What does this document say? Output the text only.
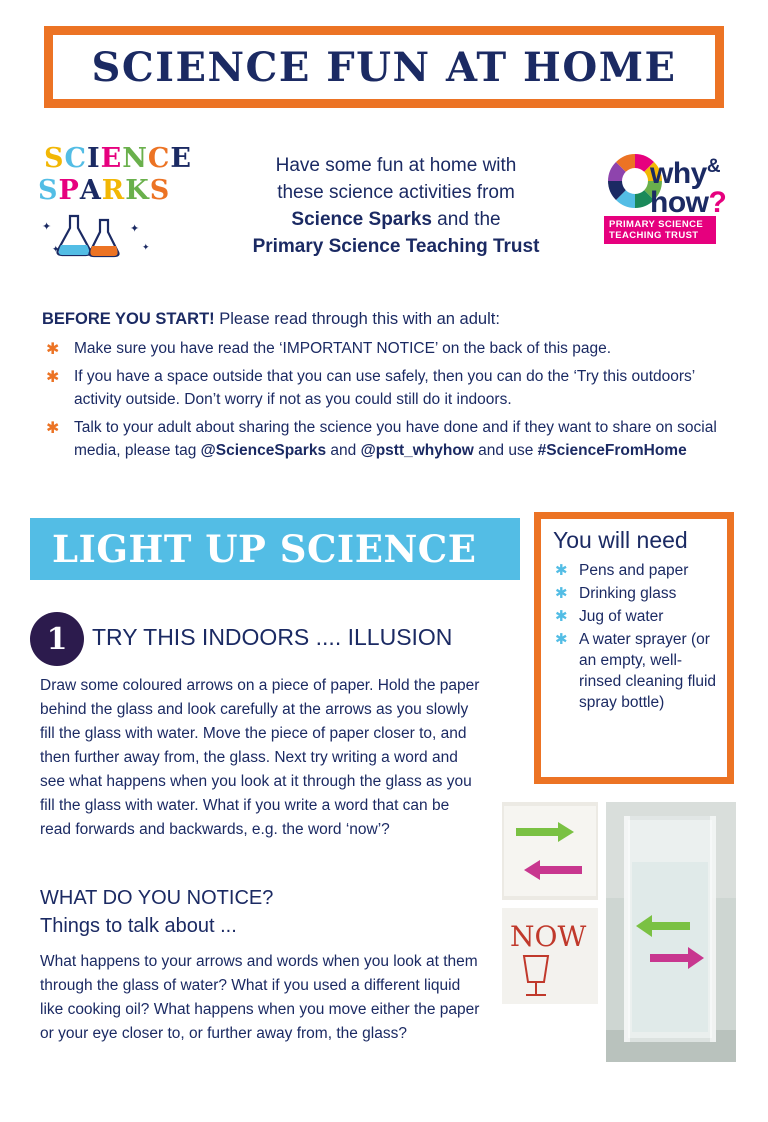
SCIENCE FUN AT HOME
SCIENCE
SPARKS
✦	✦
✦
✦
Have some fun at home with
these science activities from
Science Sparks and the
Primary Science Teaching Trust
why&
how?
PRIMARY SCIENCE
TEACHING TRUST
BEFORE YOU START! Please read through this with an adult:
✱ Make sure you have read the ‘IMPORTANT NOTICE’ on the back of this page.
✱ If you have a space outside that you can use safely, then you can do the ‘Try this outdoors’ activity outside. Don’t worry if not as you could still do it indoors.
✱ Talk to your adult about sharing the science you have done and if they want to share on social media, please tag @ScienceSparks and @pstt_whyhow and use #ScienceFromHome
LIGHT UP SCIENCE	You will need
✱ Pens and paper
✱ Drinking glass
✱ Jug of water
✱ A water sprayer (or an empty, well-rinsed cleaning fluid spray bottle)
1	TRY THIS INDOORS .... ILLUSION
Draw some coloured arrows on a piece of paper. Hold the paper behind the glass and look carefully at the arrows as you slowly fill the glass with water. Move the piece of paper closer to, and then further away from, the glass. Next try writing a word and see what happens when you look at it through the glass as you fill the glass with water. What if you write a word that can be read forwards and backwards, e.g. the word ‘now’?
WHAT DO YOU NOTICE?
Things to talk about ...
What happens to your arrows and words when you look at them through the glass of water? What if you used a different liquid like cooking oil? What happens when you move either the paper or your eye closer to, or further away from, the glass?
NOW
